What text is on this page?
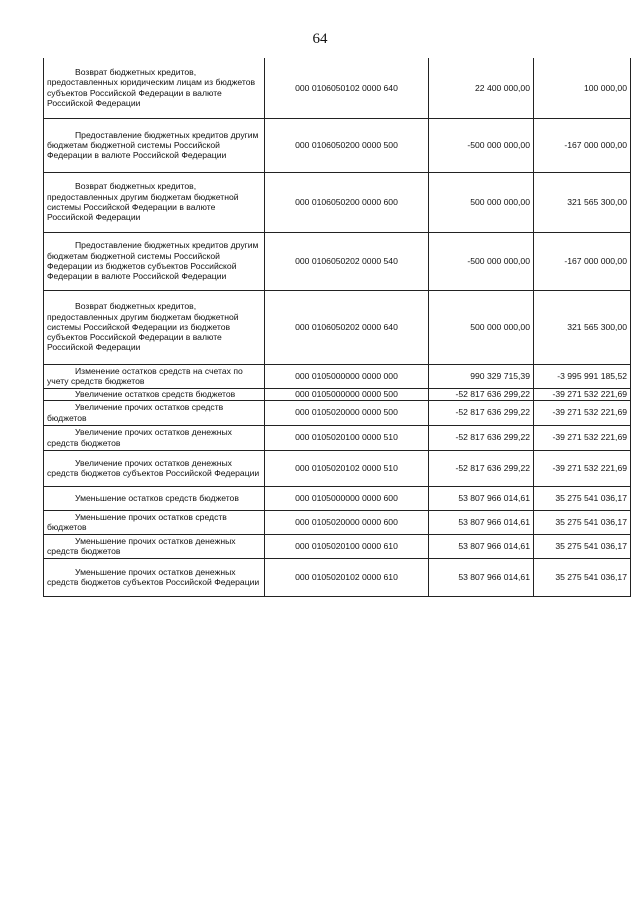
64
Возврат бюджетных кредитов, предоставленных юридическим лицам из бюджетов субъектов Российской Федерации в валюте Российской Федерации	000 0106050102 0000 640	22 400 000,00	100 000,00

Предоставление бюджетных кредитов другим бюджетам бюджетной системы Российской Федерации в валюте Российской Федерации	000 0106050200 0000 500	-500 000 000,00	-167 000 000,00

Возврат бюджетных кредитов, предоставленных другим бюджетам бюджетной системы Российской Федерации в валюте Российской Федерации	000 0106050200 0000 600	500 000 000,00	321 565 300,00

Предоставление бюджетных кредитов другим бюджетам бюджетной системы Российской Федерации из бюджетов субъектов Российской Федерации в валюте Российской Федерации	000 0106050202 0000 540	-500 000 000,00	-167 000 000,00

Возврат бюджетных кредитов, предоставленных другим бюджетам бюджетной системы Российской Федерации из бюджетов субъектов Российской Федерации в валюте Российской Федерации	000 0106050202 0000 640	500 000 000,00	321 565 300,00

Изменение остатков средств на счетах по учету средств бюджетов	000 0105000000 0000 000	990 329 715,39	-3 995 991 185,52

Увеличение остатков средств бюджетов	000 0105000000 0000 500	-52 817 636 299,22	-39 271 532 221,69

Увеличение прочих остатков средств бюджетов	000 0105020000 0000 500	-52 817 636 299,22	-39 271 532 221,69

Увеличение прочих остатков денежных средств бюджетов	000 0105020100 0000 510	-52 817 636 299,22	-39 271 532 221,69

Увеличение прочих остатков денежных средств бюджетов субъектов Российской Федерации	000 0105020102 0000 510	-52 817 636 299,22	-39 271 532 221,69

Уменьшение остатков средств бюджетов	000 0105000000 0000 600	53 807 966 014,61	35 275 541 036,17

Уменьшение прочих остатков средств бюджетов	000 0105020000 0000 600	53 807 966 014,61	35 275 541 036,17

Уменьшение прочих остатков денежных средств бюджетов	000 0105020100 0000 610	53 807 966 014,61	35 275 541 036,17

Уменьшение прочих остатков денежных средств бюджетов субъектов Российской Федерации	000 0105020102 0000 610	53 807 966 014,61	35 275 541 036,17
